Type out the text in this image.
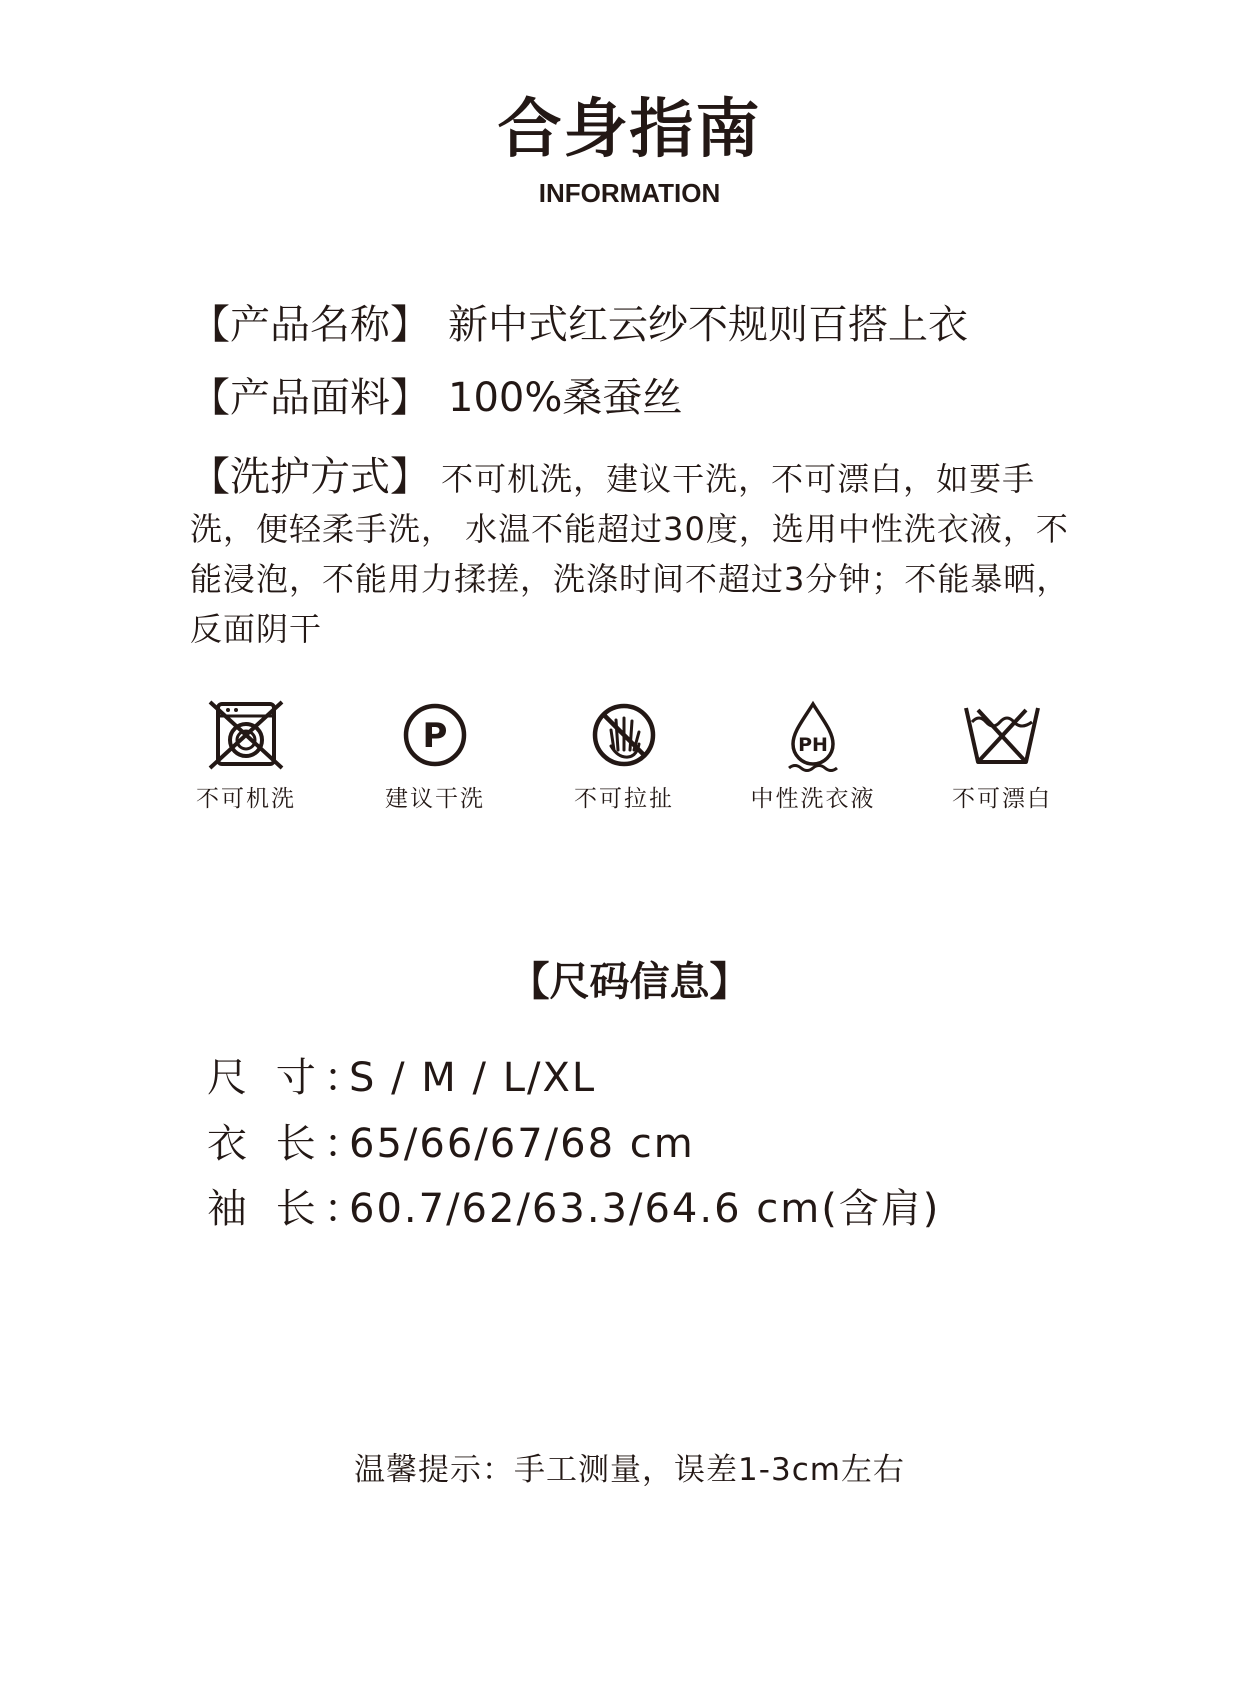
合身指南
INFORMATION
【产品名称】 新中式红云纱不规则百搭上衣
【产品面料】 100%桑蚕丝
【洗护方式】 不可机洗，建议干洗，不可漂白，如要手洗，便轻柔手洗， 水温不能超过30度，选用中性洗衣液，不能浸泡，不能用力揉搓，洗涤时间不超过3分钟；不能暴晒，反面阴干
不可机洗
P
建议干洗	不可拉扯
PH
中性洗衣液	不可漂白
【尺码信息】
尺 寸：S / M / L/XL
衣 长：65/66/67/68 cm
袖 长：60.7/62/63.3/64.6 cm(含肩)
温馨提示：手工测量，误差1-3cm左右
